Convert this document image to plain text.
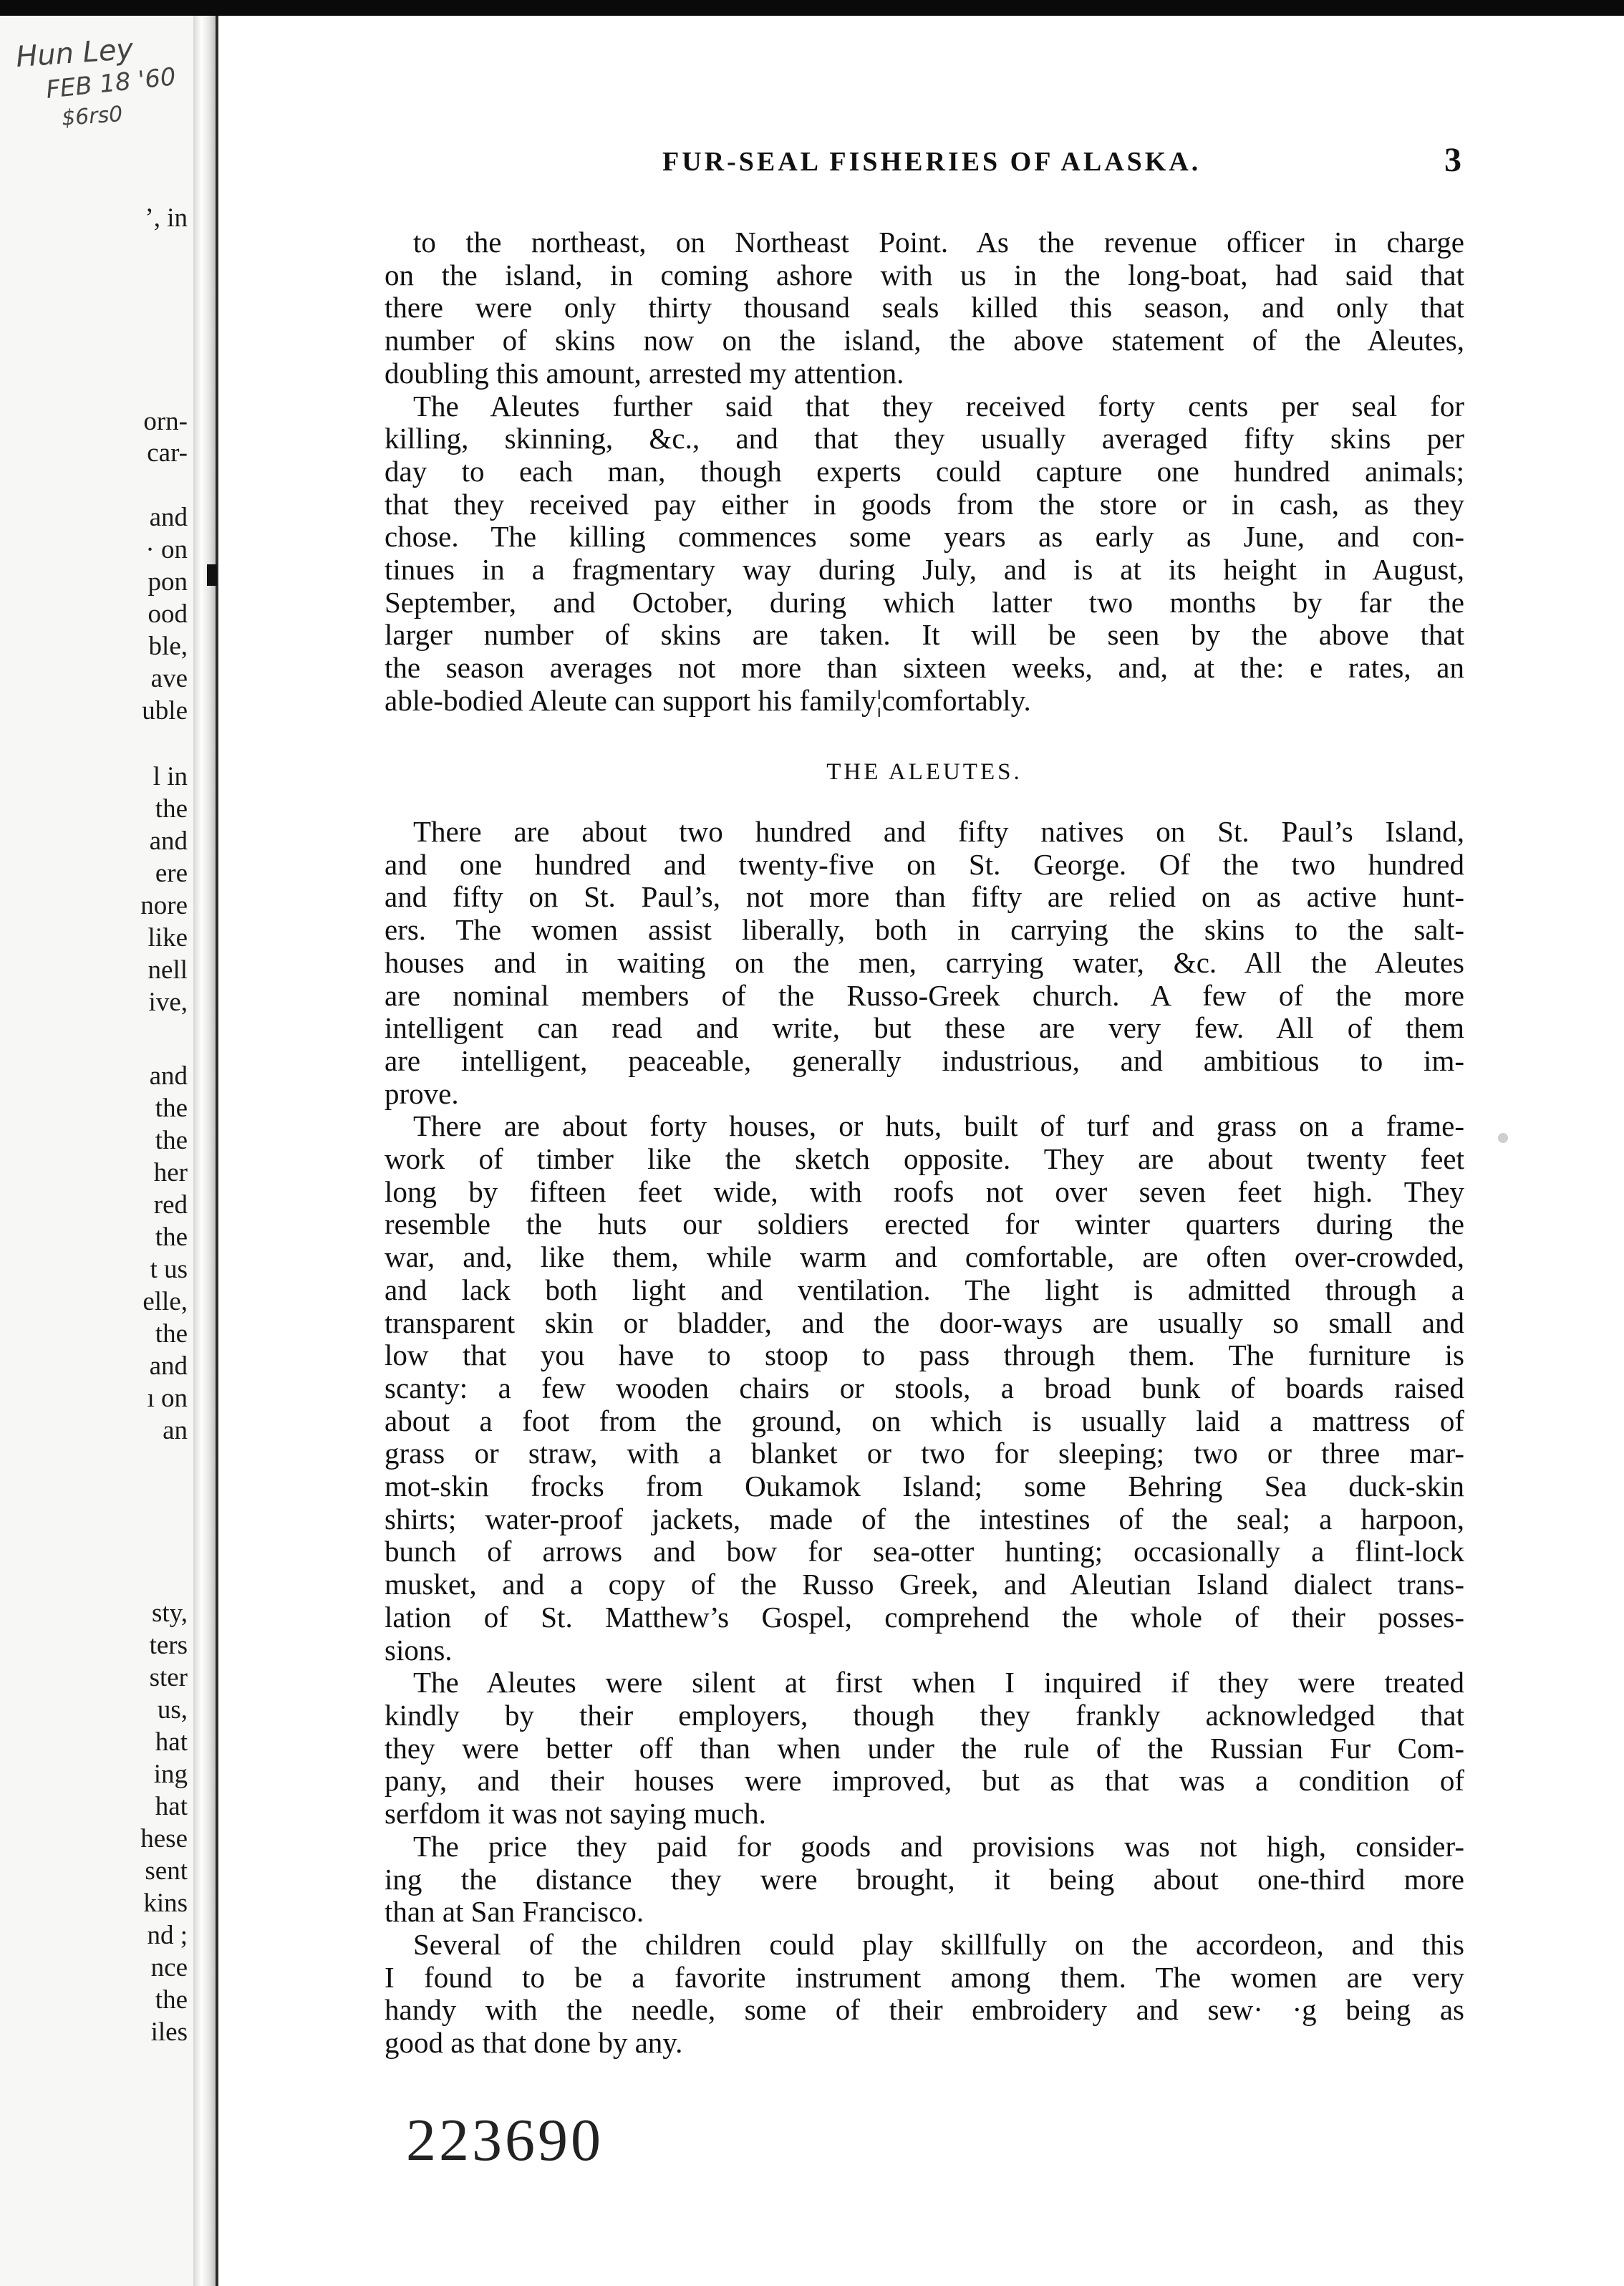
Hun Ley
FEB 18 '60
$6rs0
’, in
orn-
car-
and
· on
pon
ood
ble,
ave
uble
l in
the
and
ere
nore
like
nell
ive,
and
the
the
her
red
the
t us
elle,
the
and
ı on
an
sty,
ters
ster
us,
hat
ing
hat
hese
sent
kins
nd ;
nce
the
iles
FUR-SEAL FISHERIES OF ALASKA.	3
to the northeast, on Northeast Point. As the revenue officer in charge
on the island, in coming ashore with us in the long-boat, had said that
there were only thirty thousand seals killed this season, and only that
number of skins now on the island, the above statement of the Aleutes,
doubling this amount, arrested my attention.
The Aleutes further said that they received forty cents per seal for
killing, skinning, &c., and that they usually averaged fifty skins per
day to each man, though experts could capture one hundred animals;
that they received pay either in goods from the store or in cash, as they
chose. The killing commences some years as early as June, and con-
tinues in a fragmentary way during July, and is at its height in August,
September, and October, during which latter two months by far the
larger number of skins are taken. It will be seen by the above that
the season averages not more than sixteen weeks, and, at the: e rates, an
able-bodied Aleute can support his family¦comfortably.
THE ALEUTES.
There are about two hundred and fifty natives on St. Paul’s Island,
and one hundred and twenty-five on St. George. Of the two hundred
and fifty on St. Paul’s, not more than fifty are relied on as active hunt-
ers. The women assist liberally, both in carrying the skins to the salt-
houses and in waiting on the men, carrying water, &c. All the Aleutes
are nominal members of the Russo-Greek church. A few of the more
intelligent can read and write, but these are very few. All of them
are intelligent, peaceable, generally industrious, and ambitious to im-
prove.
There are about forty houses, or huts, built of turf and grass on a frame-
work of timber like the sketch opposite. They are about twenty feet
long by fifteen feet wide, with roofs not over seven feet high. They
resemble the huts our soldiers erected for winter quarters during the
war, and, like them, while warm and comfortable, are often over-crowded,
and lack both light and ventilation. The light is admitted through a
transparent skin or bladder, and the door-ways are usually so small and
low that you have to stoop to pass through them. The furniture is
scanty: a few wooden chairs or stools, a broad bunk of boards raised
about a foot from the ground, on which is usually laid a mattress of
grass or straw, with a blanket or two for sleeping; two or three mar-
mot-skin frocks from Oukamok Island; some Behring Sea duck-skin
shirts; water-proof jackets, made of the intestines of the seal; a harpoon,
bunch of arrows and bow for sea-otter hunting; occasionally a flint-lock
musket, and a copy of the Russo Greek, and Aleutian Island dialect trans-
lation of St. Matthew’s Gospel, comprehend the whole of their posses-
sions.
The Aleutes were silent at first when I inquired if they were treated
kindly by their employers, though they frankly acknowledged that
they were better off than when under the rule of the Russian Fur Com-
pany, and their houses were improved, but as that was a condition of
serfdom it was not saying much.
The price they paid for goods and provisions was not high, consider-
ing the distance they were brought, it being about one-third more
than at San Francisco.
Several of the children could play skillfully on the accordeon, and this
I found to be a favorite instrument among them. The women are very
handy with the needle, some of their embroidery and sew· ·g being as
good as that done by any.
223690
